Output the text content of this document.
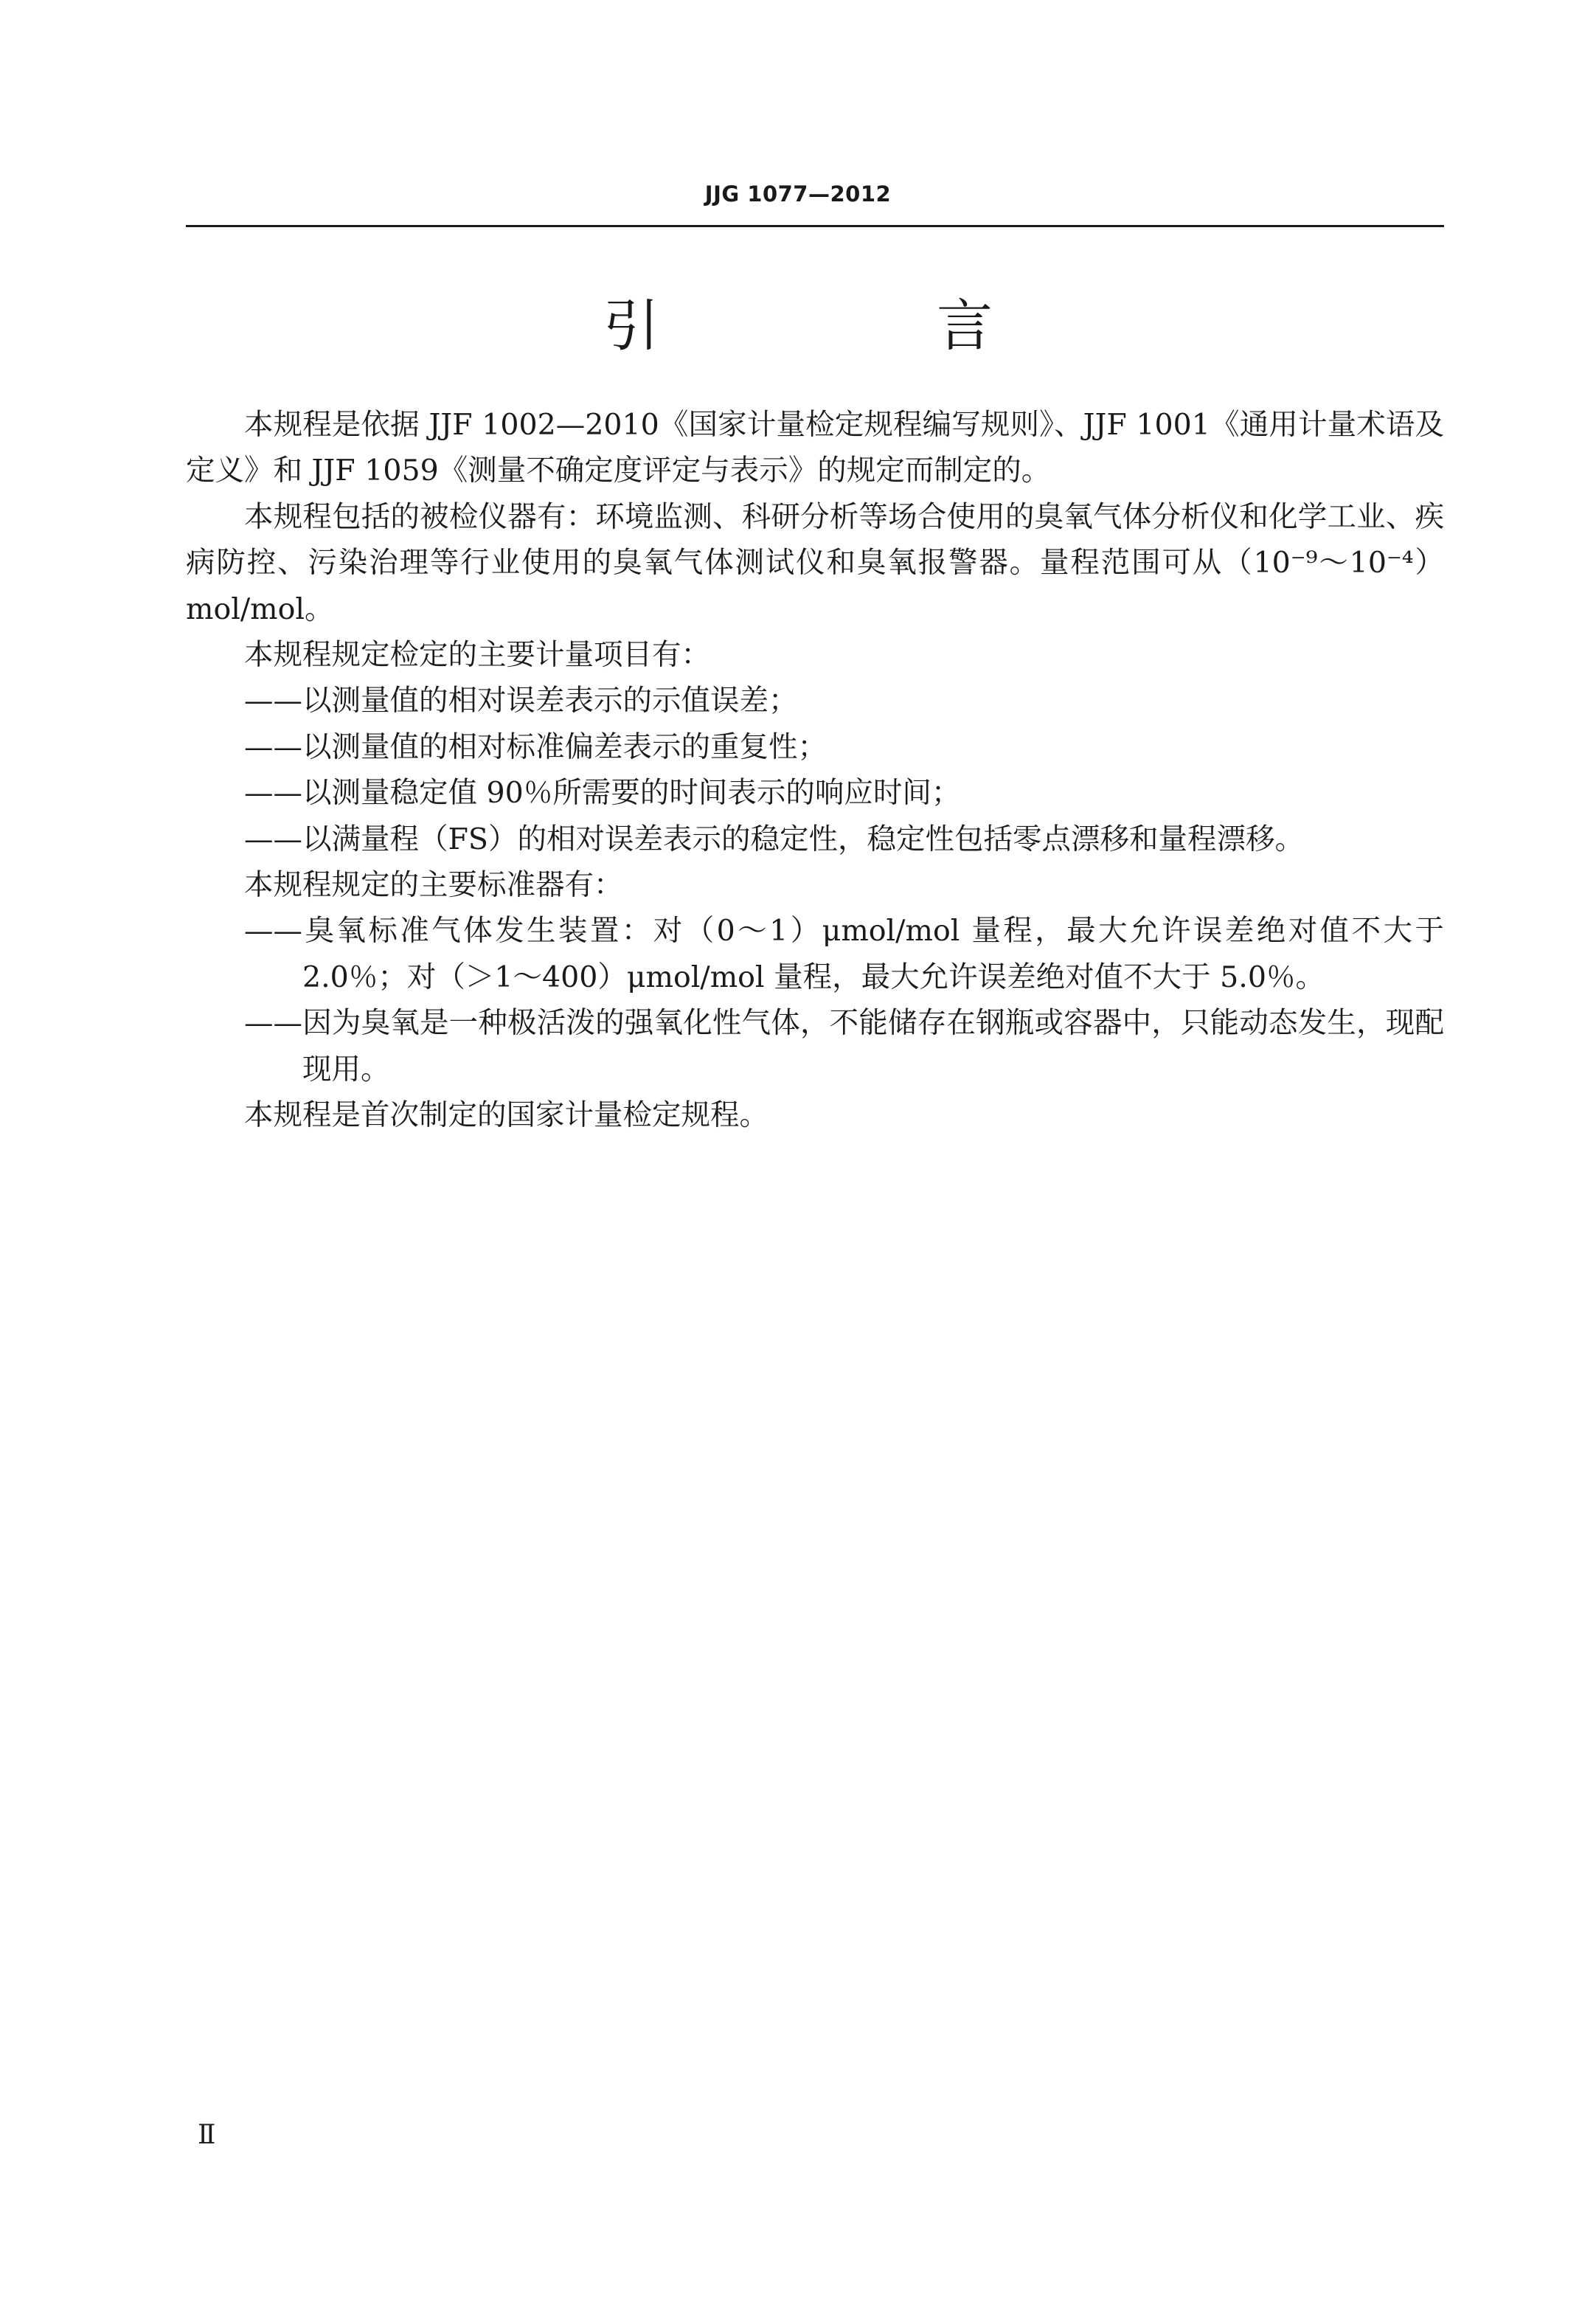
JJG 1077—2012
引　言

本规程是依据 JJF 1002—2010《国家计量检定规程编写规则》、JJF 1001《通用计量术语及定义》和 JJF 1059《测量不确定度评定与表示》的规定而制定的。

本规程包括的被检仪器有：环境监测、科研分析等场合使用的臭氧气体分析仪和化学工业、疾病防控、污染治理等行业使用的臭氧气体测试仪和臭氧报警器。量程范围可从（10⁻⁹～10⁻⁴）mol/mol。

本规程规定检定的主要计量项目有：

——以测量值的相对误差表示的示值误差；

——以测量值的相对标准偏差表示的重复性；

——以测量稳定值 90％所需要的时间表示的响应时间；

——以满量程（FS）的相对误差表示的稳定性，稳定性包括零点漂移和量程漂移。

本规程规定的主要标准器有：

——臭氧标准气体发生装置：对（0～1）μmol/mol 量程，最大允许误差绝对值不大于 2.0％；对（＞1～400）μmol/mol 量程，最大允许误差绝对值不大于 5.0％。

——因为臭氧是一种极活泼的强氧化性气体，不能储存在钢瓶或容器中，只能动态发生，现配现用。

本规程是首次制定的国家计量检定规程。

Ⅱ
